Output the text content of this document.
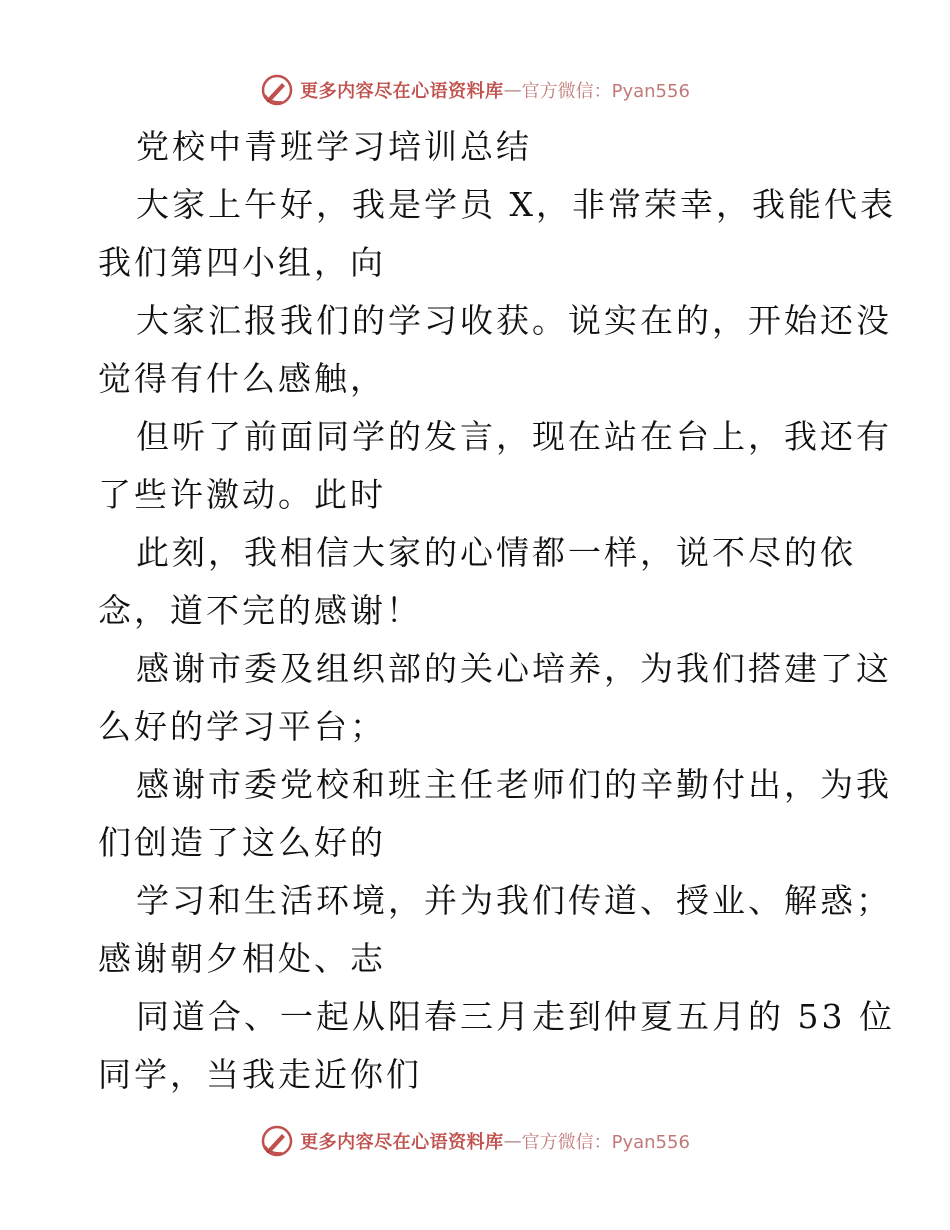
更多内容尽在心语资料库 — 官方微信：Pyan556
党校中青班学习培训总结
大家上午好，我是学员 X，非常荣幸，我能代表
我们第四小组，向
大家汇报我们的学习收获。说实在的，开始还没
觉得有什么感触，
但听了前面同学的发言，现在站在台上，我还有
了些许激动。此时
此刻，我相信大家的心情都一样，说不尽的依
念，道不完的感谢！
感谢市委及组织部的关心培养，为我们搭建了这
么好的学习平台；
感谢市委党校和班主任老师们的辛勤付出，为我
们创造了这么好的
学习和生活环境，并为我们传道、授业、解惑；
感谢朝夕相处、志
同道合、一起从阳春三月走到仲夏五月的 53 位
同学，当我走近你们
更多内容尽在心语资料库 — 官方微信：Pyan556
